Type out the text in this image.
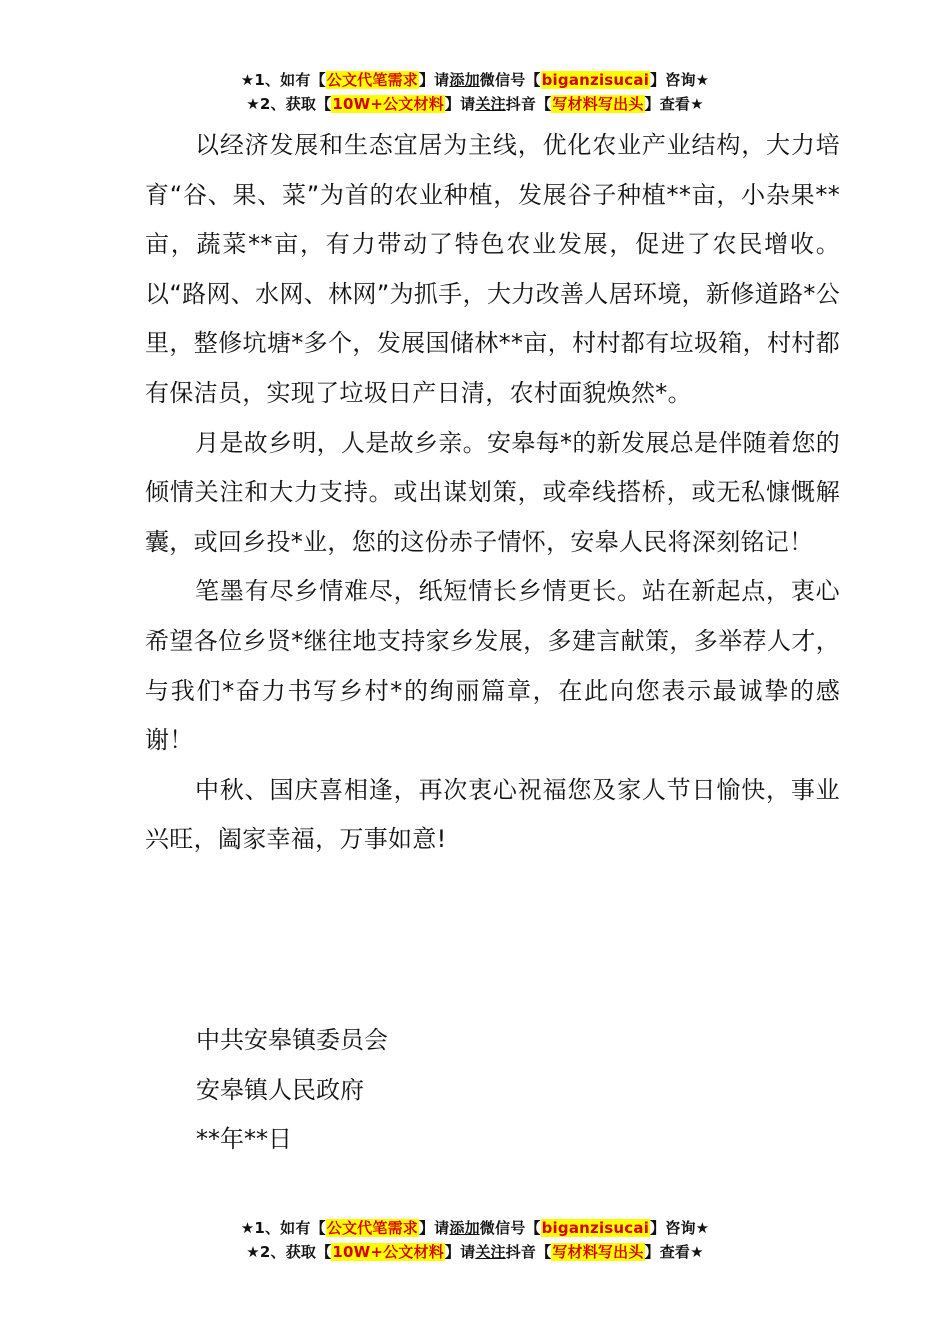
★1、如有【公文代笔需求】请添加微信号【biganzisucai】咨询★
★2、获取【10W+公文材料】请关注抖音【写材料写出头】查看★

以经济发展和生态宜居为主线，优化农业产业结构，大力培育“谷、果、菜”为首的农业种植，发展谷子种植**亩，小杂果**亩，蔬菜**亩，有力带动了特色农业发展，促进了农民增收。以“路网、水网、林网”为抓手，大力改善人居环境，新修道路*公里，整修坑塘*多个，发展国储林**亩，村村都有垃圾箱，村村都有保洁员，实现了垃圾日产日清，农村面貌焕然*。

月是故乡明，人是故乡亲。安皋每*的新发展总是伴随着您的倾情关注和大力支持。或出谋划策，或牵线搭桥，或无私慷慨解囊，或回乡投*业，您的这份赤子情怀，安皋人民将深刻铭记！

笔墨有尽乡情难尽，纸短情长乡情更长。站在新起点，衷心希望各位乡贤*继往地支持家乡发展，多建言献策，多举荐人才，与我们*奋力书写乡村*的绚丽篇章，在此向您表示最诚挚的感谢！

中秋、国庆喜相逢，再次衷心祝福您及家人节日愉快，事业兴旺，阖家幸福，万事如意!

中共安皋镇委员会
安皋镇人民政府
**年**日
★1、如有【公文代笔需求】请添加微信号【biganzisucai】咨询★
★2、获取【10W+公文材料】请关注抖音【写材料写出头】查看★
